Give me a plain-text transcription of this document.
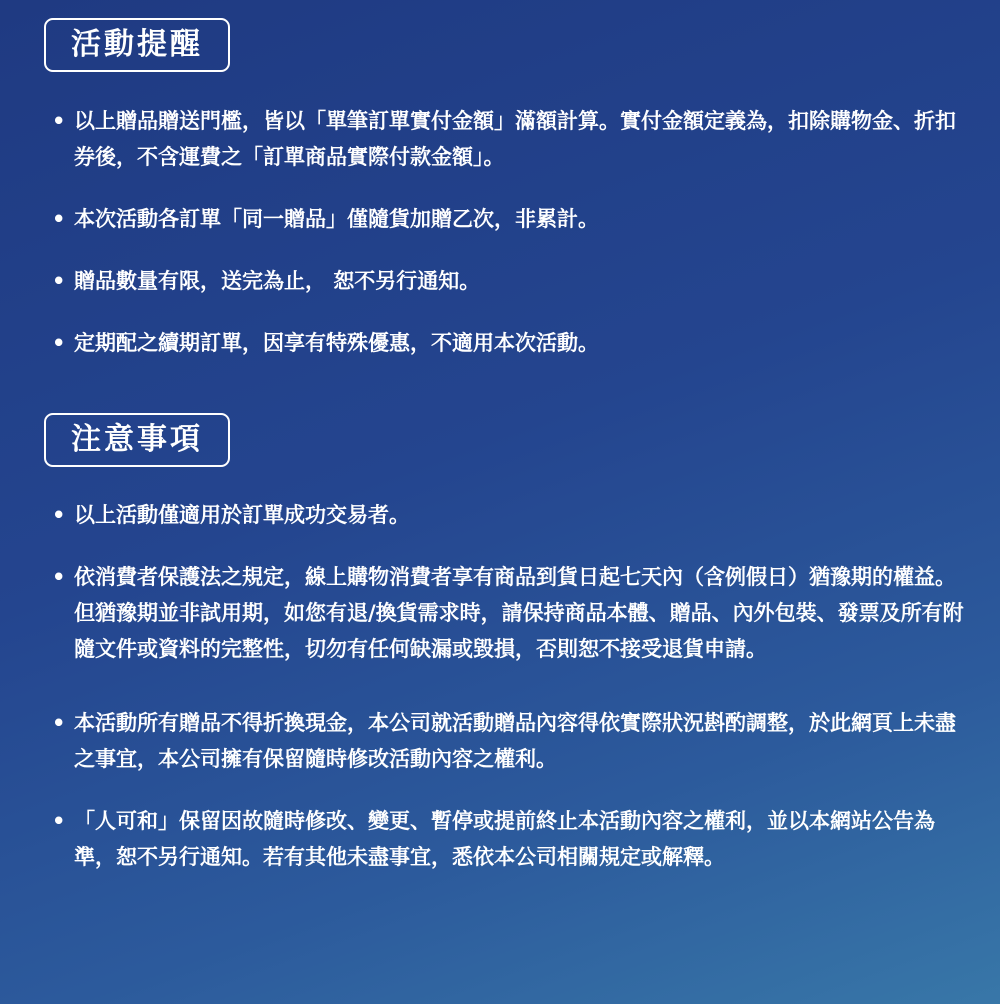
活動提醒
• 以上贈品贈送門檻，皆以「單筆訂單實付金額」滿額計算。實付金額定義為，扣除購物金、折扣券後，不含運費之「訂單商品實際付款金額」。
• 本次活動各訂單「同一贈品」僅隨貨加贈乙次，非累計。
• 贈品數量有限，送完為止， 恕不另行通知。
• 定期配之續期訂單，因享有特殊優惠，不適用本次活動。
注意事項
• 以上活動僅適用於訂單成功交易者。
• 依消費者保護法之規定，線上購物消費者享有商品到貨日起七天內（含例假日）猶豫期的權益。但猶豫期並非試用期，如您有退/換貨需求時，請保持商品本體、贈品、內外包裝、發票及所有附隨文件或資料的完整性，切勿有任何缺漏或毀損，否則恕不接受退貨申請。
• 本活動所有贈品不得折換現金，本公司就活動贈品內容得依實際狀況斟酌調整，於此網頁上未盡之事宜，本公司擁有保留隨時修改活動內容之權利。
• 「人可和」保留因故隨時修改、變更、暫停或提前終止本活動內容之權利，並以本網站公告為準，恕不另行通知。若有其他未盡事宜，悉依本公司相關規定或解釋。
